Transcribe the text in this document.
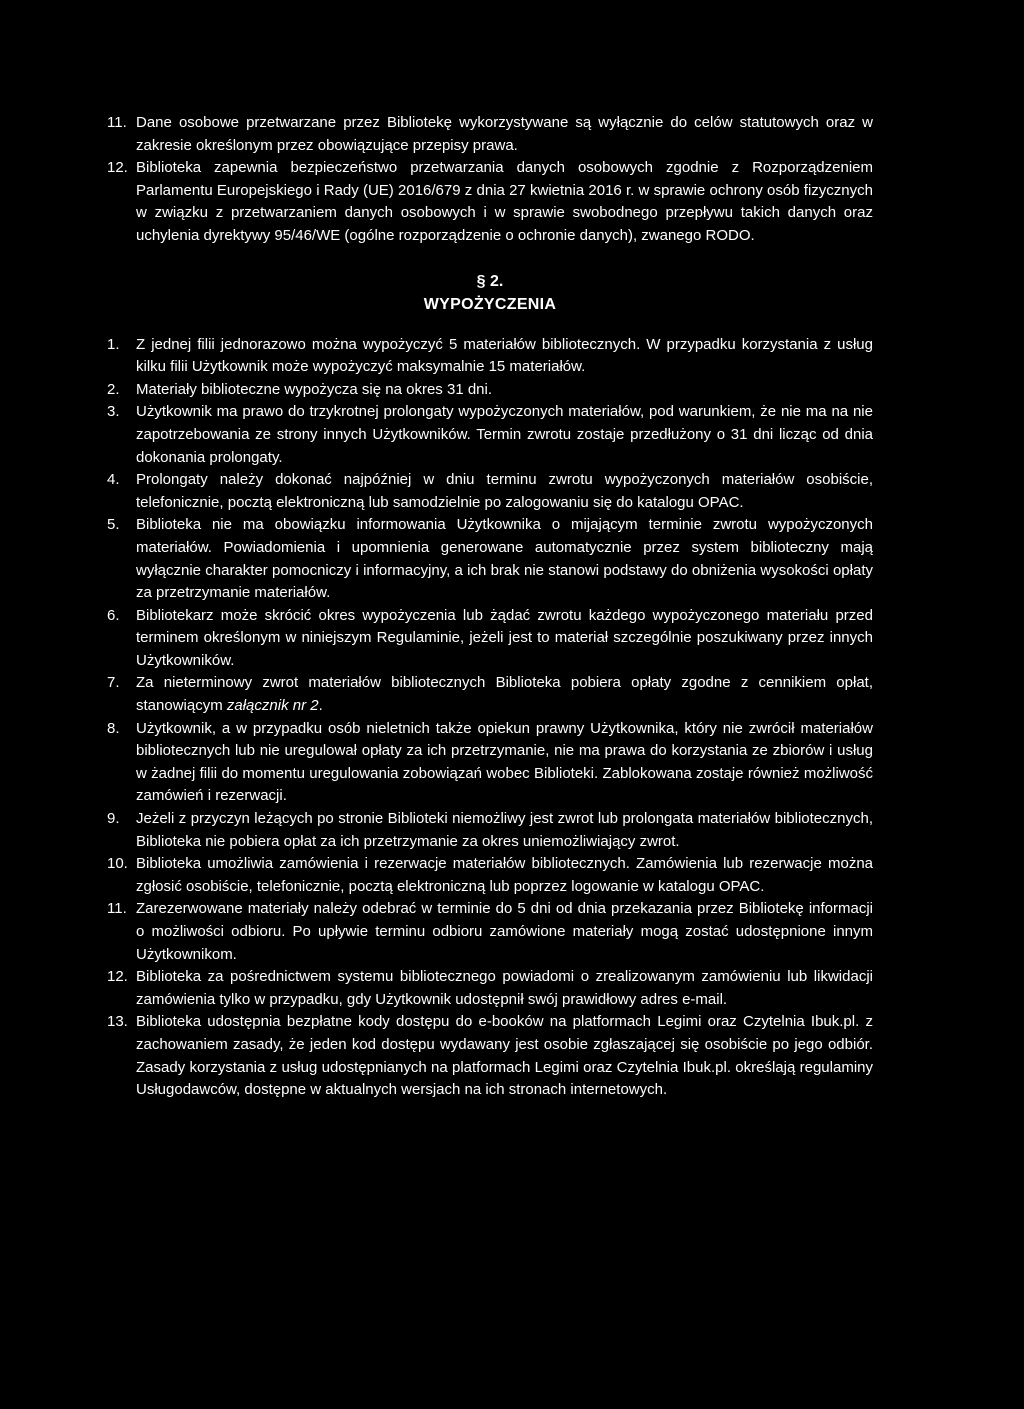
11. Dane osobowe przetwarzane przez Bibliotekę wykorzystywane są wyłącznie do celów statutowych oraz w zakresie określonym przez obowiązujące przepisy prawa.
12. Biblioteka zapewnia bezpieczeństwo przetwarzania danych osobowych zgodnie z Rozporządzeniem Parlamentu Europejskiego i Rady (UE) 2016/679 z dnia 27 kwietnia 2016 r. w sprawie ochrony osób fizycznych w związku z przetwarzaniem danych osobowych i w sprawie swobodnego przepływu takich danych oraz uchylenia dyrektywy 95/46/WE (ogólne rozporządzenie o ochronie danych), zwanego RODO.
§ 2.
WYPOŻYCZENIA
1.	Z jednej filii jednorazowo można wypożyczyć 5 materiałów bibliotecznych. W przypadku korzystania z usług kilku filii Użytkownik może wypożyczyć maksymalnie 15 materiałów.
2.	Materiały biblioteczne wypożycza się na okres 31 dni.
3.	Użytkownik ma prawo do trzykrotnej prolongaty wypożyczonych materiałów, pod warunkiem, że nie ma na nie zapotrzebowania ze strony innych Użytkowników. Termin zwrotu zostaje przedłużony o 31 dni licząc od dnia dokonania prolongaty.
4.	Prolongaty należy dokonać najpóźniej w dniu terminu zwrotu wypożyczonych materiałów osobiście, telefonicznie, pocztą elektroniczną lub samodzielnie po zalogowaniu się do katalogu OPAC.
5.	Biblioteka nie ma obowiązku informowania Użytkownika o mijającym terminie zwrotu wypożyczonych materiałów. Powiadomienia i upomnienia generowane automatycznie przez system biblioteczny mają wyłącznie charakter pomocniczy i informacyjny, a ich brak nie stanowi podstawy do obniżenia wysokości opłaty za przetrzymanie materiałów.
6.	Bibliotekarz może skrócić okres wypożyczenia lub żądać zwrotu każdego wypożyczonego materiału przed terminem określonym w niniejszym Regulaminie, jeżeli jest to materiał szczególnie poszukiwany przez innych Użytkowników.
7.	Za nieterminowy zwrot materiałów bibliotecznych Biblioteka pobiera opłaty zgodne z cennikiem opłat, stanowiącym załącznik nr 2.
8.	Użytkownik, a w przypadku osób nieletnich także opiekun prawny Użytkownika, który nie zwrócił materiałów bibliotecznych lub nie uregulował opłaty za ich przetrzymanie, nie ma prawa do korzystania ze zbiorów i usług w żadnej filii do momentu uregulowania zobowiązań wobec Biblioteki. Zablokowana zostaje również możliwość zamówień i rezerwacji.
9.	Jeżeli z przyczyn leżących po stronie Biblioteki niemożliwy jest zwrot lub prolongata materiałów bibliotecznych, Biblioteka nie pobiera opłat za ich przetrzymanie za okres uniemożliwiający zwrot.
10. Biblioteka umożliwia zamówienia i rezerwacje materiałów bibliotecznych. Zamówienia lub rezerwacje można zgłosić osobiście, telefonicznie, pocztą elektroniczną lub poprzez logowanie w katalogu OPAC.
11. Zarezerwowane materiały należy odebrać w terminie do 5 dni od dnia przekazania przez Bibliotekę informacji o możliwości odbioru. Po upływie terminu odbioru zamówione materiały mogą zostać udostępnione innym Użytkownikom.
12. Biblioteka za pośrednictwem systemu bibliotecznego powiadomi o zrealizowanym zamówieniu lub likwidacji zamówienia tylko w przypadku, gdy Użytkownik udostępnił swój prawidłowy adres e-mail.
13. Biblioteka udostępnia bezpłatne kody dostępu do e-booków na platformach Legimi oraz Czytelnia Ibuk.pl. z zachowaniem zasady, że jeden kod dostępu wydawany jest osobie zgłaszającej się osobiście po jego odbiór. Zasady korzystania z usług udostępnianych na platformach Legimi oraz Czytelnia Ibuk.pl. określają regulaminy Usługodawców, dostępne w aktualnych wersjach na ich stronach internetowych.
